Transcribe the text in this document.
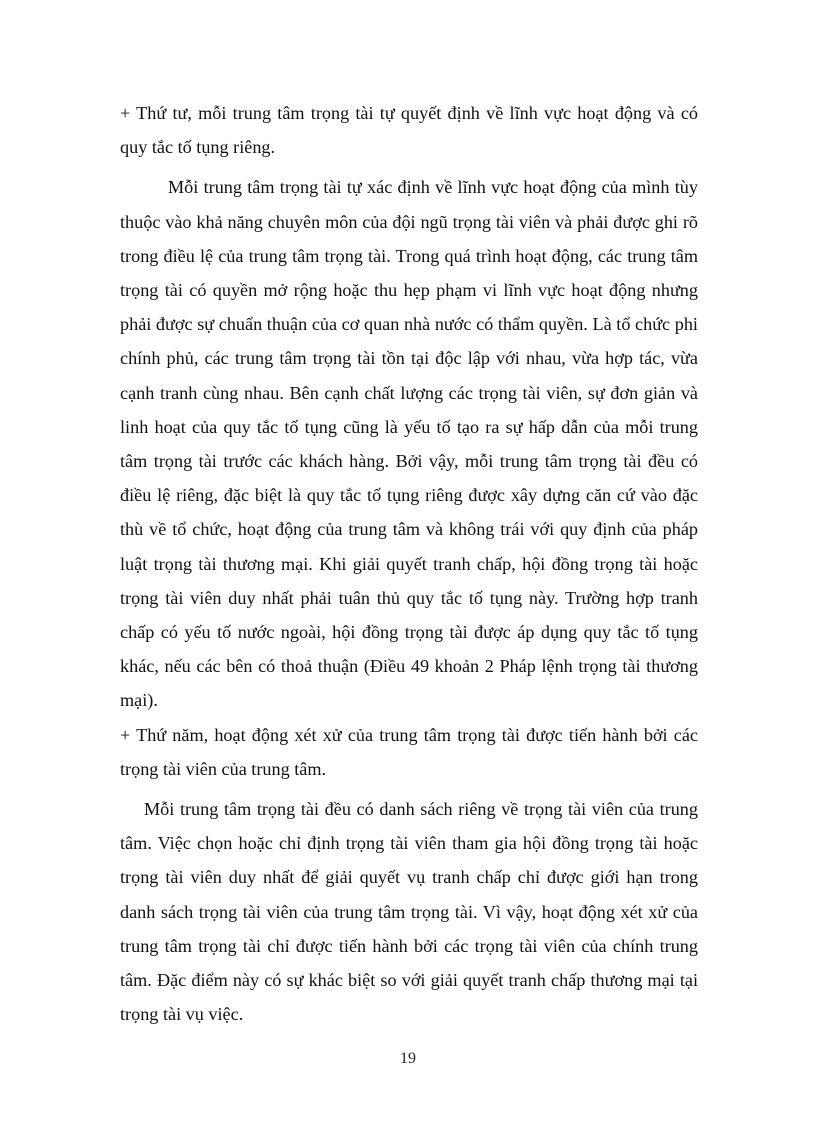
+ Thứ tư, mỗi trung tâm trọng tài tự quyết định về lĩnh vực hoạt động và có quy tắc tố tụng riêng.

Mỗi trung tâm trọng tài tự xác định về lĩnh vực hoạt động của mình tùy thuộc vào khả năng chuyên môn của đội ngũ trọng tài viên và phải được ghi rõ trong điều lệ của trung tâm trọng tài. Trong quá trình hoạt động, các trung tâm trọng tài có quyền mở rộng hoặc thu hẹp phạm vi lĩnh vực hoạt động nhưng phải được sự chuẩn thuận của cơ quan nhà nước có thẩm quyền. Là tổ chức phi chính phủ, các trung tâm trọng tài tồn tại độc lập với nhau, vừa hợp tác, vừa cạnh tranh cùng nhau. Bên cạnh chất lượng các trọng tài viên, sự đơn giản và linh hoạt của quy tắc tố tụng cũng là yếu tố tạo ra sự hấp dẫn của mỗi trung tâm trọng tài trước các khách hàng. Bởi vậy, mỗi trung tâm trọng tài đều có điều lệ riêng, đặc biệt là quy tắc tố tụng riêng được xây dựng căn cứ vào đặc thù về tổ chức, hoạt động của trung tâm và không trái với quy định của pháp luật trọng tài thương mại. Khi giải quyết tranh chấp, hội đồng trọng tài hoặc trọng tài viên duy nhất phải tuân thủ quy tắc tố tụng này. Trường hợp tranh chấp có yếu tố nước ngoài, hội đồng trọng tài được áp dụng quy tắc tố tụng khác, nếu các bên có thoả thuận (Điều 49 khoản 2 Pháp lệnh trọng tài thương mại).

+ Thứ năm, hoạt động xét xử của trung tâm trọng tài được tiến hành bởi các trọng tài viên của trung tâm.

Mỗi trung tâm trọng tài đều có danh sách riêng về trọng tài viên của trung tâm. Việc chọn hoặc chỉ định trọng tài viên tham gia hội đồng trọng tài hoặc trọng tài viên duy nhất để giải quyết vụ tranh chấp chỉ được giới hạn trong danh sách trọng tài viên của trung tâm trọng tài. Vì vậy, hoạt động xét xử của trung tâm trọng tài chỉ được tiến hành bởi các trọng tài viên của chính trung tâm. Đặc điểm này có sự khác biệt so với giải quyết tranh chấp thương mại tại trọng tài vụ việc.

19
